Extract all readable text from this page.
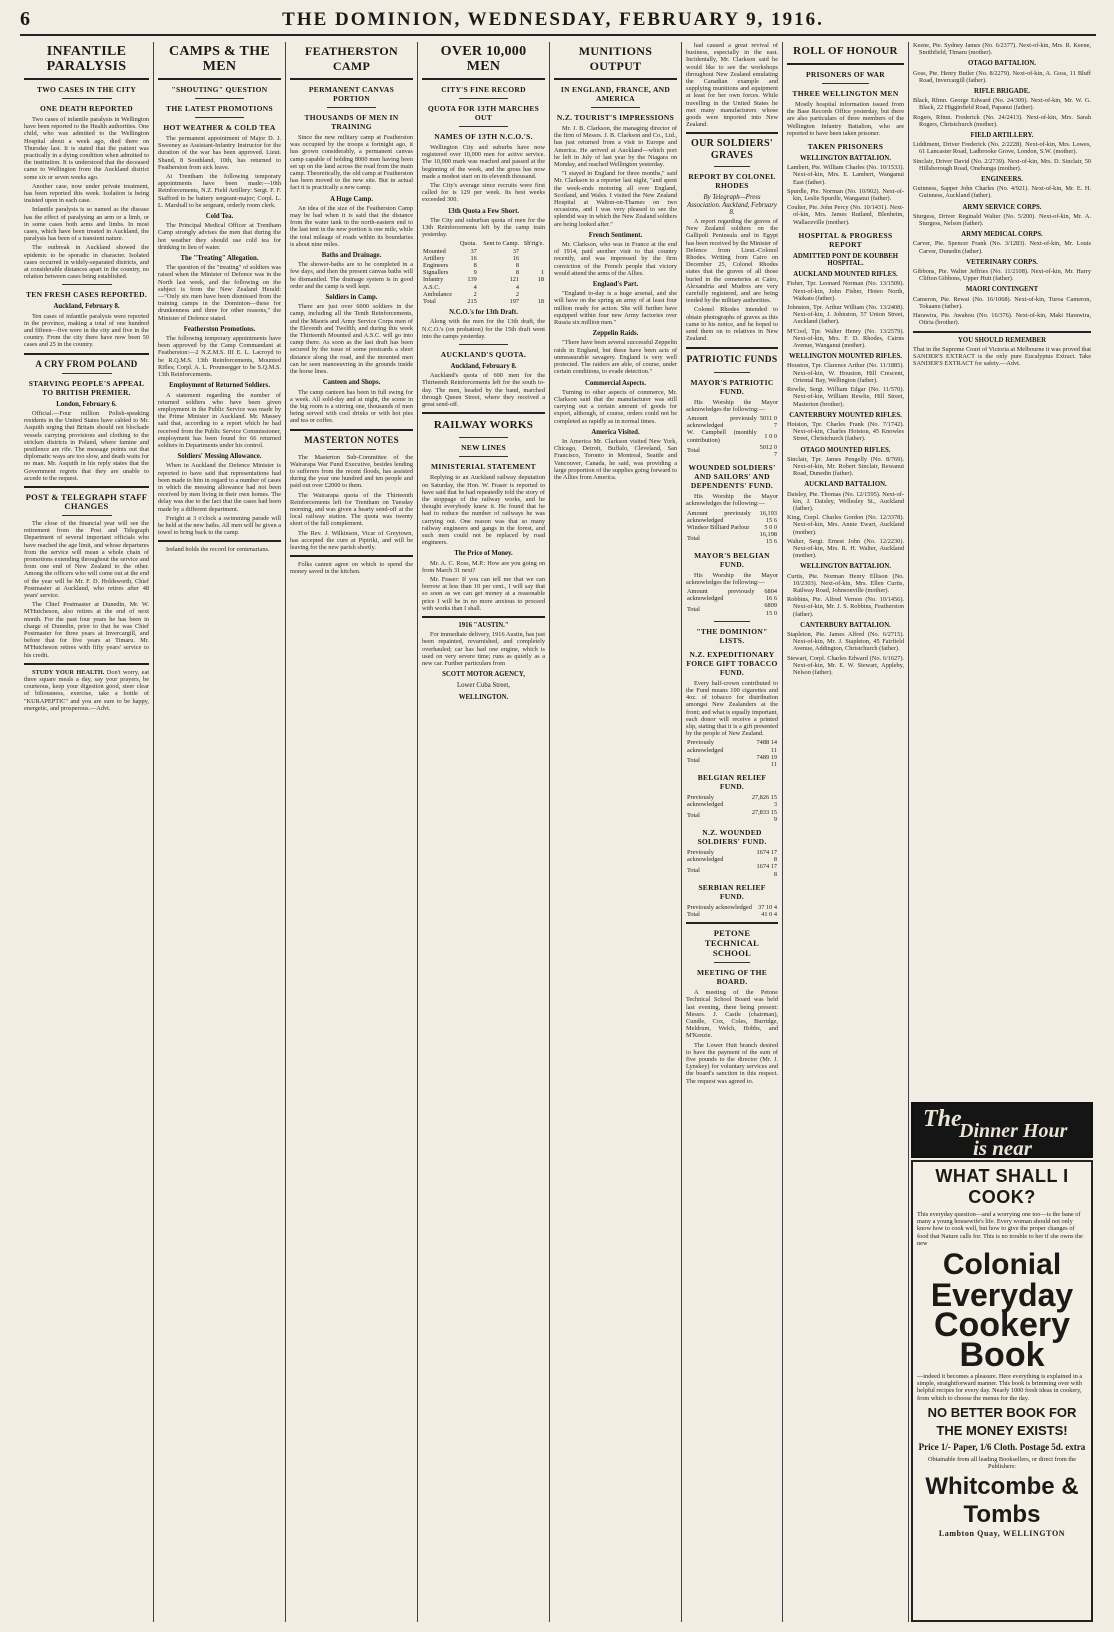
6	THE DOMINION, WEDNESDAY, FEBRUARY 9, 1916.
INFANTILE PARALYSIS
TWO CASES IN THE CITY
ONE DEATH REPORTED

Two cases of infantile paralysis in Wellington have been reported to the Health authorities. One child, who was admitted to the Wellington Hospital about a week ago, died there on Thursday last. It is stated that the patient was practically in a dying condition when admitted to the institution. It is understood that the deceased came to Wellington from the Auckland district some six or seven weeks ago.

Another case, now under private treatment, has been reported this week. Isolation is being insisted upon in each case.

Infantile paralysis is so named as the disease has the effect of paralysing an arm or a limb, or in some cases both arms and limbs. In most cases, which have been treated in Auckland, the paralysis has been of a transient nature.

The outbreak in Auckland showed the epidemic to be sporadic in character. Isolated cases occurred in widely-separated districts, and at considerable distances apart in the country, no relation between cases being established.

TEN FRESH CASES REPORTED.
Auckland, February 8.

Ten cases of infantile paralysis were reported in the province, making a total of one hundred and fifteen—five were in the city and five in the country. From the city there have now been 50 cases and 25 in the country.

A CRY FROM POLAND
STARVING PEOPLE'S APPEAL TO BRITISH PREMIER.
London, February 6.

Official.—Four million Polish-speaking residents in the United States have cabled to Mr. Asquith urging that Britain should not blockade vessels carrying provisions and clothing to the stricken districts in Poland, where famine and pestilence are rife. The message points out that diplomatic ways are too slow, and death waits for no man. Mr. Asquith in his reply states that the Government regrets that they are unable to accede to the request.

POST & TELEGRAPH STAFF CHANGES

The close of the financial year will see the retirement from the Post and Telegraph Department of several important officials who have reached the age limit, and whose departures from the service will mean a whole chain of promotions extending throughout the service and from one end of New Zealand to the other. Among the officers who will come out at the end of the year will be Mr. F. D. Holdsworth, Chief Postmaster at Auckland, who retires after 48 years' service.

The Chief Postmaster at Dunedin, Mr. W. M'Hutcheson, also retires at the end of next month. For the past four years he has been in charge of Dunedin, prior to that he was Chief Postmaster for three years at Invercargill, and before that for five years at Timaru. Mr. M'Hutcheson retires with fifty years' service to his credit.

STUDY YOUR HEALTH. Don't worry, eat three square meals a day, say your prayers, be courteous, keep your digestion good, steer clear of biliousness, exercise, take a bottle of "KURAPEPTIC" and you are sure to be happy, energetic, and prosperous.—Advt.

CAMPS & THE MEN
"SHOUTING" QUESTION
THE LATEST PROMOTIONS
HOT WEATHER & COLD TEA

The permanent appointment of Major D. J. Sweeney as Assistant-Infantry Instructor for the duration of the war has been approved. Lieut. Shand, 8 Southland, 10th, has returned to Featherston from sick leave.

At Trentham the following temporary appointments have been made:—10th Reinforcements, N.Z. Field Artillery: Sergt. F. F. Stafford to be battery sergeant-major; Corpl. L. L. Marshall to be sergeant, orderly room clerk.

Cold Tea.

The Principal Medical Officer at Trentham Camp strongly advises the men that during the hot weather they should use cold tea for drinking in lieu of water.

The "Treating" Allegation.

The question of the "treating" of soldiers was raised when the Minister of Defence was in the North last week, and the following on the subject is from the New Zealand Herald:—"Only six men have been dismissed from the training camps in the Dominion—these for drunkenness and three for other reasons," the Minister of Defence stated.

Featherston Promotions.

The following temporary appointments have been approved by the Camp Commandant at Featherston:—2 N.Z.M.S. III E. L. Lacroyd to be R.Q.M.S. 13th Reinforcements, Mounted Rifles; Corpl. A. L. Prounsegger to be S.Q.M.S. 13th Reinforcements.

Employment of Returned Soldiers.

A statement regarding the number of returned soldiers who have been given employment in the Public Service was made by the Prime Minister in Auckland. Mr. Massey said that, according to a report which he had received from the Public Service Commissioner, employment has been found for 66 returned soldiers in Departments under his control.

Soldiers' Messing Allowance.

When in Auckland the Defence Minister is reported to have said that representations had been made to him in regard to a number of cases in which the messing allowance had not been received by men living in their own homes. The delay was due to the fact that the cases had been made by a different department.

Freight at 3 o'clock a swimming parade will be held at the new baths. All men will be given a towel to bring back to the camp.

Ireland holds the record for centenarians.

FEATHERSTON CAMP
PERMANENT CANVAS PORTION
THOUSANDS OF MEN IN TRAINING

Since the new military camp at Featherston was occupied by the troops a fortnight ago, it has grown considerably, a permanent canvas camp capable of holding 8000 men having been set up on the land across the road from the main camp. Theoretically, the old camp at Featherston has been moved to the new site. But in actual fact it is practically a new camp.

A Huge Camp.

An idea of the size of the Featherston Camp may be had when it is said that the distance from the water tank in the north-eastern end to the last tent in the new portion is one mile, while the total mileage of roads within its boundaries is about nine miles.

Baths and Drainage.

The shower-baths are to be completed in a few days, and then the present canvas baths will be dismantled. The drainage system is in good order and the camp is well kept.

Soldiers in Camp.

There are just over 6000 soldiers in the camp, including all the Tenth Reinforcements, and the Maoris and Army Service Corps men of the Eleventh and Twelfth, and during this week the Thirteenth Mounted and A.S.C. will go into camp there. As soon as the last draft has been secured by the issue of some postcards a short distance along the road, and the mounted men can be seen manoeuvring in the grounds inside the horse lines.

Canteen and Shops.

The camp canteen has been in full swing for a week. All sold-day and at night, the scene in the big room is a stirring one, thousands of men being served with cool drinks or with hot pies and tea or coffee.

MASTERTON NOTES

The Masterton Sub-Committee of the Wairarapa War Fund Executive, besides lending to sufferers from the recent floods, has assisted during the year one hundred and ten people and paid out over £2000 to them.

The Wairarapa quota of the Thirteenth Reinforcements left for Trentham on Tuesday morning, and was given a hearty send-off at the local railway station. The quota was twenty short of the full complement.

The Rev. J. Wilkinson, Vicar of Greytown, has accepted the cure at Pipiriki, and will be leaving for the new parish shortly.

Folks cannot agree on which to spend the money saved in the kitchen.

OVER 10,000 MEN
CITY'S FINE RECORD
QUOTA FOR 13TH MARCHES OUT
NAMES OF 13TH N.C.O.'S.

Wellington City and suburbs have now registered over 10,000 men for active service. The 10,000 mark was reached and passed at the beginning of the week, and the gross has now made a modest start on its eleventh thousand.

The City's average since recruits were first called for is 129 per week. Its best weeks exceeded 300.

13th Quota a Few Short.

The City and suburban quota of men for the 13th Reinforcements left by the camp train yesterday.

	Quota.	Sent to Camp.	Sh'rtg'e.
Mounted	37	37	
Artillery	16	16	
Engineers	8	8	
Signallers	9	8	1
Infantry	139	121	18
A.S.C.	4	4	
Ambulance	2	2	
Total	215	197	18
N.C.O.'s for 13th Draft.

Along with the men for the 13th draft, the N.C.O.'s (on probation) for the 15th draft went into the camps yesterday.

AUCKLAND'S QUOTA.
Auckland, February 8.

Auckland's quota of 600 men for the Thirteenth Reinforcements left for the south to-day. The men, headed by the band, marched through Queen Street, where they received a great send-off.

RAILWAY WORKS
NEW LINES
MINISTERIAL STATEMENT

Replying to an Auckland railway deputation on Saturday, the Hon. W. Fraser is reported to have said that he had repeatedly told the story of the stoppage of the railway works, and he thought everybody knew it. He found that he had to reduce the number of railways he was carrying out. One reason was that so many railway engineers and gangs in the forest, and such men could not be replaced by road engineers.

The Price of Money.

Mr. A. C. Ross, M.P.: How are you going on from March 31 next?

Mr. Fraser: If you can tell me that we can borrow at less than 10 per cent., I will say that so soon as we can get money at a reasonable price I will be in no more anxious to proceed with works than I shall.

1916 "AUSTIN."

For immediate delivery, 1916 Austin, has just been repainted, revarnished, and completely overhauled; car has had one engine, which is used on very severe time; runs as quietly as a new car. Further particulars from

SCOTT MOTOR AGENCY,
Lower Cuba Street,
WELLINGTON.
MUNITIONS OUTPUT
IN ENGLAND, FRANCE, AND AMERICA
N.Z. TOURIST'S IMPRESSIONS

Mr. J. B. Clarkson, the managing director of the firm of Messrs. J. B. Clarkson and Co., Ltd., has just returned from a visit to Europe and America. He arrived at Auckland—which port he left in July of last year by the Niagara on Monday, and reached Wellington yesterday.

"I stayed in England for three months," said Mr. Clarkson to a reporter last night, "and spent the week-ends motoring all over England, Scotland, and Wales. I visited the New Zealand Hospital at Walton-on-Thames on two occasions, and I was very pleased to see the splendid way in which the New Zealand soldiers are being looked after."

French Sentiment.

Mr. Clarkson, who was in France at the end of 1914, paid another visit to that country recently, and was impressed by the firm conviction of the French people that victory would attend the arms of the Allies.

England's Part.

"England to-day is a huge arsenal, and she will have on the spring an army of at least four million ready for action. She will further have equipped within four new Army factories over Russia six million men."

Zeppelin Raids.

"There have been several successful Zeppelin raids in England, but these have been acts of unmeasurable savagery. England is very well protected. The raiders are able, of course, under certain conditions, to evade detection."

Commercial Aspects.

Turning to other aspects of commerce, Mr. Clarkson said that the manufacturer was still carrying out a certain amount of goods for export, although, of course, orders could not be completed as rapidly as in normal times.

America Visited.

In America Mr. Clarkson visited New York, Chicago, Detroit, Buffalo, Cleveland, San Francisco, Toronto in Montreal, Seattle and Vancouver, Canada, he said, was providing a large proportion of the supplies going forward to the Allies from America.

had caused a great revival of business, especially in the east. Incidentally, Mr. Clarkson said he would like to see the workshops throughout New Zealand emulating the Canadian example and supplying munitions and equipment at least for her own forces. While travelling in the United States he met many manufacturers whose goods were imported into New Zealand.

OUR SOLDIERS' GRAVES
REPORT BY COLONEL RHODES
By Telegraph—Press Association. Auckland, February 8.

A report regarding the graves of New Zealand soldiers on the Gallipoli Peninsula and in Egypt has been received by the Minister of Defence from Lieut.-Colonel Rhodes. Writing from Cairo on December 25, Colonel Rhodes states that the graves of all those buried in the cemeteries at Cairo, Alexandria and Mudros are very carefully registered, and are being tended by the military authorities.

Colonel Rhodes intended to obtain photographs of graves as this came to his notice, and he hoped to send them on to relatives in New Zealand.

PATRIOTIC FUNDS
MAYOR'S PATRIOTIC FUND.

His Worship the Mayor acknowledges the following:—

Amount previously acknowledged	5011 0 7
W. Campbell (monthly contribution)	1 0 0
Total	5012 0 7
WOUNDED SOLDIERS' AND SAILORS' AND DEPENDENTS' FUND.

His Worship the Mayor acknowledges the following:—

Amount previously acknowledged	16,193 15 6
Windsor Billiard Parlour	5 0 0
Total	16,198 15 6
MAYOR'S BELGIAN FUND.

His Worship the Mayor acknowledges the following:—

Amount previously acknowledged	6804 16 6
Total	6809 15 0
"THE DOMINION" LISTS.
N.Z. EXPEDITIONARY FORCE GIFT TOBACCO FUND.

Every half-crown contributed to the Fund means 100 cigarettes and 4oz. of tobacco for distribution amongst New Zealanders at the front; and what is equally important, each donor will receive a printed slip, stating that it is a gift presented by the people of New Zealand.

Previously acknowledged	7488 14 11
Total	7489 19 11
BELGIAN RELIEF FUND.
Previously acknowledged	27,826 15 3
Total	27,833 15 9
N.Z. WOUNDED SOLDIERS' FUND.
Previously acknowledged	1674 17 8
Total	1674 17 8
SERBIAN RELIEF FUND.
Previously acknowledged	37 10 4
Total	41 0 4
PETONE TECHNICAL SCHOOL
MEETING OF THE BOARD.

A meeting of the Petone Technical School Board was held last evening, there being present: Messrs. J. Castle (chairman), Cundle, Cox, Coles, Burridge, Meldrum, Welch, Hobbs, and M'Kenzie.

The Lower Hutt branch desired to have the payment of the sum of five pounds to the director (Mr. J. Lynskey) for voluntary services and the board's sanction in this respect. The request was agreed to.

ROLL OF HONOUR
PRISONERS OF WAR
THREE WELLINGTON MEN

Mostly hospital information issued from the Base Records Office yesterday, but there are also particulars of three members of the Wellington Infantry Battalion, who are reported to have been taken prisoner.

TAKEN PRISONERS
WELLINGTON BATTALION.

Lambert, Pte. William Charles (No. 10/1533). Next-of-kin, Mrs. E. Lambert, Wanganui East (father).

Spurdle, Pte. Norman (No. 10/902). Next-of-kin, Leslie Spurdle, Wanganui (father).

Coulter, Pte. John Percy (No. 10/1431). Next-of-kin, Mrs. James Rutland, Blenheim, Wallaceville (mother).

HOSPITAL & PROGRESS REPORT
ADMITTED PONT DE KOUBBEH HOSPITAL.
AUCKLAND MOUNTED RIFLES.

Fisher, Tpr. Leonard Norman (No. 13/1509). Next-of-kin, John Fisher, Hoteo North, Waikato (father).

Johnston, Tpr. Arthur William (No. 13/2408). Next-of-kin, J. Johnston, 57 Union Street, Auckland (father).

M'Cool, Tpr. Walter Henry (No. 13/2579). Next-of-kin, Mrs. F. D. Rhodes, Cairns Avenue, Wanganui (mother).

WELLINGTON MOUNTED RIFLES.

Houston, Tpr. Clarence Arthur (No. 11/1885). Next-of-kin, W. Houston, Hill Crescent, Oriental Bay, Wellington (father).

Rewlie, Sergt. William Edgar (No. 11/570). Next-of-kin, William Rewlie, Hill Street, Masterton (brother).

CANTERBURY MOUNTED RIFLES.

Hoiston, Tpr. Charles Frank (No. 7/1742). Next-of-kin, Charles Hoiston, 45 Knowles Street, Christchurch (father).

OTAGO MOUNTED RIFLES.

Sinclair, Tpr. James Pengelly (No. 8/769). Next-of-kin, Mr. Robert Sinclair, Rewanui Road, Dunedin (father).

AUCKLAND BATTALION.

Daisley, Pte. Thomas (No. 12/1595). Next-of-kin, J. Daisley, Wellesley St., Auckland (father).

King, Corpl. Charles Gordon (No. 12/3378). Next-of-kin, Mrs. Annie Ewart, Auckland (mother).

Walter, Sergt. Ernest John (No. 12/2230). Next-of-kin, Mrs. R. H. Walter, Auckland (mother).

WELLINGTON BATTALION.

Curtis, Pte. Norman Henry Ellison (No. 10/2303). Next-of-kin, Mrs. Ellen Curtis, Railway Road, Johnsonville (mother).

Robbins, Pte. Alfred Vernon (No. 10/1456). Next-of-kin, Mr. J. S. Robbins, Featherston (father).

CANTERBURY BATTALION.

Stapleton, Pte. James Alfred (No. 6/2715). Next-of-kin, Mr. J. Stapleton, 45 Fairfield Avenue, Addington, Christchurch (father).

Stewart, Corpl. Charles Edward (No. 6/1627). Next-of-kin, Mr. E. W. Stewart, Appleby, Nelson (father).

Keene, Pte. Sydney James (No. 6/2377). Next-of-kin, Mrs. R. Keene, Smithfield, Timaru (mother).

OTAGO BATTALION.

Goss, Pte. Henry Butler (No. 8/2279). Next-of-kin, A. Goss, 11 Bluff Road, Invercargill (father).

RIFLE BRIGADE.

Black, Rfmn. George Edward (No. 24/309). Next-of-kin, Mr. W. G. Black, 22 Higginfield Road, Papanui (father).

Rogers, Rfmn. Frederick (No. 24/2413). Next-of-kin, Mrs. Sarah Rogers, Christchurch (mother).

FIELD ARTILLERY.

Liddiment, Driver Frederick (No. 2/2228). Next-of-kin, Mrs. Lowes, 61 Lancaster Road, Ladbrooke Grove, London, S.W. (mother).

Sinclair, Driver David (No. 2/2739). Next-of-kin, Mrs. D. Sinclair, 50 Hillsborough Road, Onehunga (mother).

ENGINEERS.

Guinness, Sapper John Charles (No. 4/921). Next-of-kin, Mr. E. H. Guinness, Auckland (father).

ARMY SERVICE CORPS.

Sturgess, Driver Reginald Walter (No. 5/200). Next-of-kin, Mr. A. Sturgess, Nelson (father).

ARMY MEDICAL CORPS.

Carver, Pte. Spencer Frank (No. 3/1283). Next-of-kin, Mr. Louis Carver, Dunedin (father).

VETERINARY CORPS.

Gibbons, Pte. Walter Jeffries (No. 11/2108). Next-of-kin, Mr. Harry Clifton Gibbons, Upper Hutt (father).

MAORI CONTINGENT

Cameron, Pte. Rewai (No. 16/1068). Next-of-kin, Turoa Cameron, Tokaanu (father).

Harawira, Pte. Awahou (No. 16/376). Next-of-kin, Maki Harawira, Otiria (brother).

YOU SHOULD REMEMBER

That in the Supreme Court of Victoria at Melbourne it was proved that SANDER'S EXTRACT is the only pure Eucalyptus Extract. Take SANDER'S EXTRACT for safety.—Advt.

The
Dinner Hour
is near
WHAT SHALL I COOK?
This everyday question—and a worrying one too—is the bane of many a young housewife's life. Every woman should not only know how to cook well, but how to give the proper changes of food that Nature calls for. This is no trouble to her if she owns the new
Colonial
Everyday
Cookery Book
—indeed it becomes a pleasure. Here everything is explained in a simple, straightforward manner. This book is brimming over with helpful recipes for every day. Nearly 1000 fresh ideas in cookery, from which to choose the menus for the day.
NO BETTER BOOK FOR
THE MONEY EXISTS!
Price 1/- Paper, 1/6 Cloth. Postage 5d. extra
Obtainable from all leading Booksellers, or direct from the Publishers:
Whitcombe & Tombs
Lambton Quay, WELLINGTON
